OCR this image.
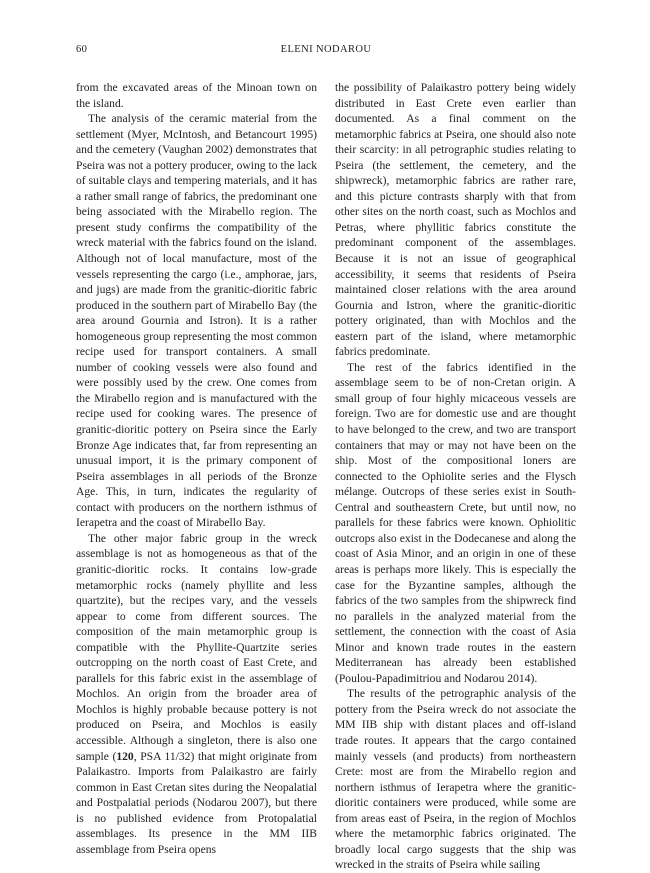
60	ELENI NODAROU

from the excavated areas of the Minoan town on the island.

The analysis of the ceramic material from the settlement (Myer, McIntosh, and Betancourt 1995) and the cemetery (Vaughan 2002) demonstrates that Pseira was not a pottery producer, owing to the lack of suitable clays and tempering materials, and it has a rather small range of fabrics, the predominant one being associated with the Mirabello region. The present study confirms the compatibility of the wreck material with the fabrics found on the island. Although not of local manufacture, most of the vessels representing the cargo (i.e., amphorae, jars, and jugs) are made from the granitic-dioritic fabric produced in the southern part of Mirabello Bay (the area around Gournia and Istron). It is a rather homogeneous group representing the most common recipe used for transport containers. A small number of cooking vessels were also found and were possibly used by the crew. One comes from the Mirabello region and is manufactured with the recipe used for cooking wares. The presence of granitic-dioritic pottery on Pseira since the Early Bronze Age indicates that, far from representing an unusual import, it is the primary component of Pseira assemblages in all periods of the Bronze Age. This, in turn, indicates the regularity of contact with producers on the northern isthmus of Ierapetra and the coast of Mirabello Bay.

The other major fabric group in the wreck assemblage is not as homogeneous as that of the granitic-dioritic rocks. It contains low-grade metamorphic rocks (namely phyllite and less quartzite), but the recipes vary, and the vessels appear to come from different sources. The composition of the main metamorphic group is compatible with the Phyllite-Quartzite series outcropping on the north coast of East Crete, and parallels for this fabric exist in the assemblage of Mochlos. An origin from the broader area of Mochlos is highly probable because pottery is not produced on Pseira, and Mochlos is easily accessible. Although a singleton, there is also one sample (120, PSA 11/32) that might originate from Palaikastro. Imports from Palaikastro are fairly common in East Cretan sites during the Neopalatial and Postpalatial periods (Nodarou 2007), but there is no published evidence from Protopalatial assemblages. Its presence in the MM IIB assemblage from Pseira opens

the possibility of Palaikastro pottery being widely distributed in East Crete even earlier than documented. As a final comment on the metamorphic fabrics at Pseira, one should also note their scarcity: in all petrographic studies relating to Pseira (the settlement, the cemetery, and the shipwreck), metamorphic fabrics are rather rare, and this picture contrasts sharply with that from other sites on the north coast, such as Mochlos and Petras, where phyllitic fabrics constitute the predominant component of the assemblages. Because it is not an issue of geographical accessibility, it seems that residents of Pseira maintained closer relations with the area around Gournia and Istron, where the granitic-dioritic pottery originated, than with Mochlos and the eastern part of the island, where metamorphic fabrics predominate.

The rest of the fabrics identified in the assemblage seem to be of non-Cretan origin. A small group of four highly micaceous vessels are foreign. Two are for domestic use and are thought to have belonged to the crew, and two are transport containers that may or may not have been on the ship. Most of the compositional loners are connected to the Ophiolite series and the Flysch mélange. Outcrops of these series exist in South-Central and southeastern Crete, but until now, no parallels for these fabrics were known. Ophiolitic outcrops also exist in the Dodecanese and along the coast of Asia Minor, and an origin in one of these areas is perhaps more likely. This is especially the case for the Byzantine samples, although the fabrics of the two samples from the shipwreck find no parallels in the analyzed material from the settlement, the connection with the coast of Asia Minor and known trade routes in the eastern Mediterranean has already been established (Poulou-Papadimitriou and Nodarou 2014).

The results of the petrographic analysis of the pottery from the Pseira wreck do not associate the MM IIB ship with distant places and off-island trade routes. It appears that the cargo contained mainly vessels (and products) from northeastern Crete: most are from the Mirabello region and northern isthmus of Ierapetra where the granitic-dioritic containers were produced, while some are from areas east of Pseira, in the region of Mochlos where the metamorphic fabrics originated. The broadly local cargo suggests that the ship was wrecked in the straits of Pseira while sailing
